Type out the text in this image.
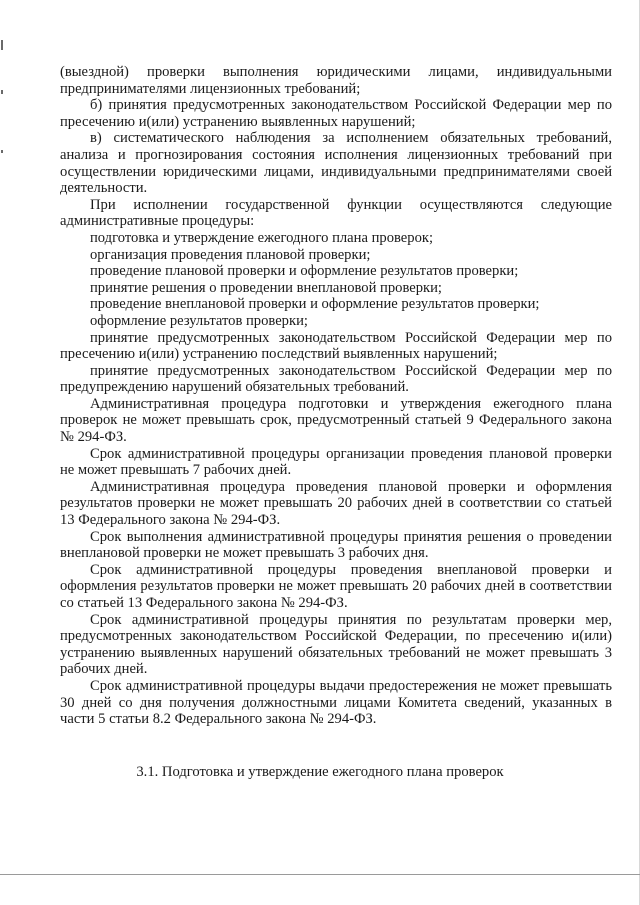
(выездной) проверки выполнения юридическими лицами, индивидуальными предпринимателями лицензионных требований;

б) принятия предусмотренных законодательством Российской Федерации мер по пресечению и(или) устранению выявленных нарушений;

в) систематического наблюдения за исполнением обязательных требований, анализа и прогнозирования состояния исполнения лицензионных требований при осуществлении юридическими лицами, индивидуальными предпринимателями своей деятельности.

При исполнении государственной функции осуществляются следующие административные процедуры:

подготовка и утверждение ежегодного плана проверок;

организация проведения плановой проверки;

проведение плановой проверки и оформление результатов проверки;

принятие решения о проведении внеплановой проверки;

проведение внеплановой проверки и оформление результатов проверки;

оформление результатов проверки;

принятие предусмотренных законодательством Российской Федерации мер по пресечению и(или) устранению последствий выявленных нарушений;

принятие предусмотренных законодательством Российской Федерации мер по предупреждению нарушений обязательных требований.

Административная процедура подготовки и утверждения ежегодного плана проверок не может превышать срок, предусмотренный статьей 9 Федерального закона № 294-ФЗ.

Срок административной процедуры организации проведения плановой проверки не может превышать 7 рабочих дней.

Административная процедура проведения плановой проверки и оформления результатов проверки не может превышать 20 рабочих дней в соответствии со статьей 13 Федерального закона № 294-ФЗ.

Срок выполнения административной процедуры принятия решения о проведении внеплановой проверки не может превышать 3 рабочих дня.

Срок административной процедуры проведения внеплановой проверки и оформления результатов проверки не может превышать 20 рабочих дней в соответствии со статьей 13 Федерального закона № 294-ФЗ.

Срок административной процедуры принятия по результатам проверки мер, предусмотренных законодательством Российской Федерации, по пресечению и(или) устранению выявленных нарушений обязательных требований не может превышать 3 рабочих дней.

Срок административной процедуры выдачи предостережения не может превышать 30 дней со дня получения должностными лицами Комитета сведений, указанных в части 5 статьи 8.2 Федерального закона № 294-ФЗ.

3.1. Подготовка и утверждение ежегодного плана проверок
